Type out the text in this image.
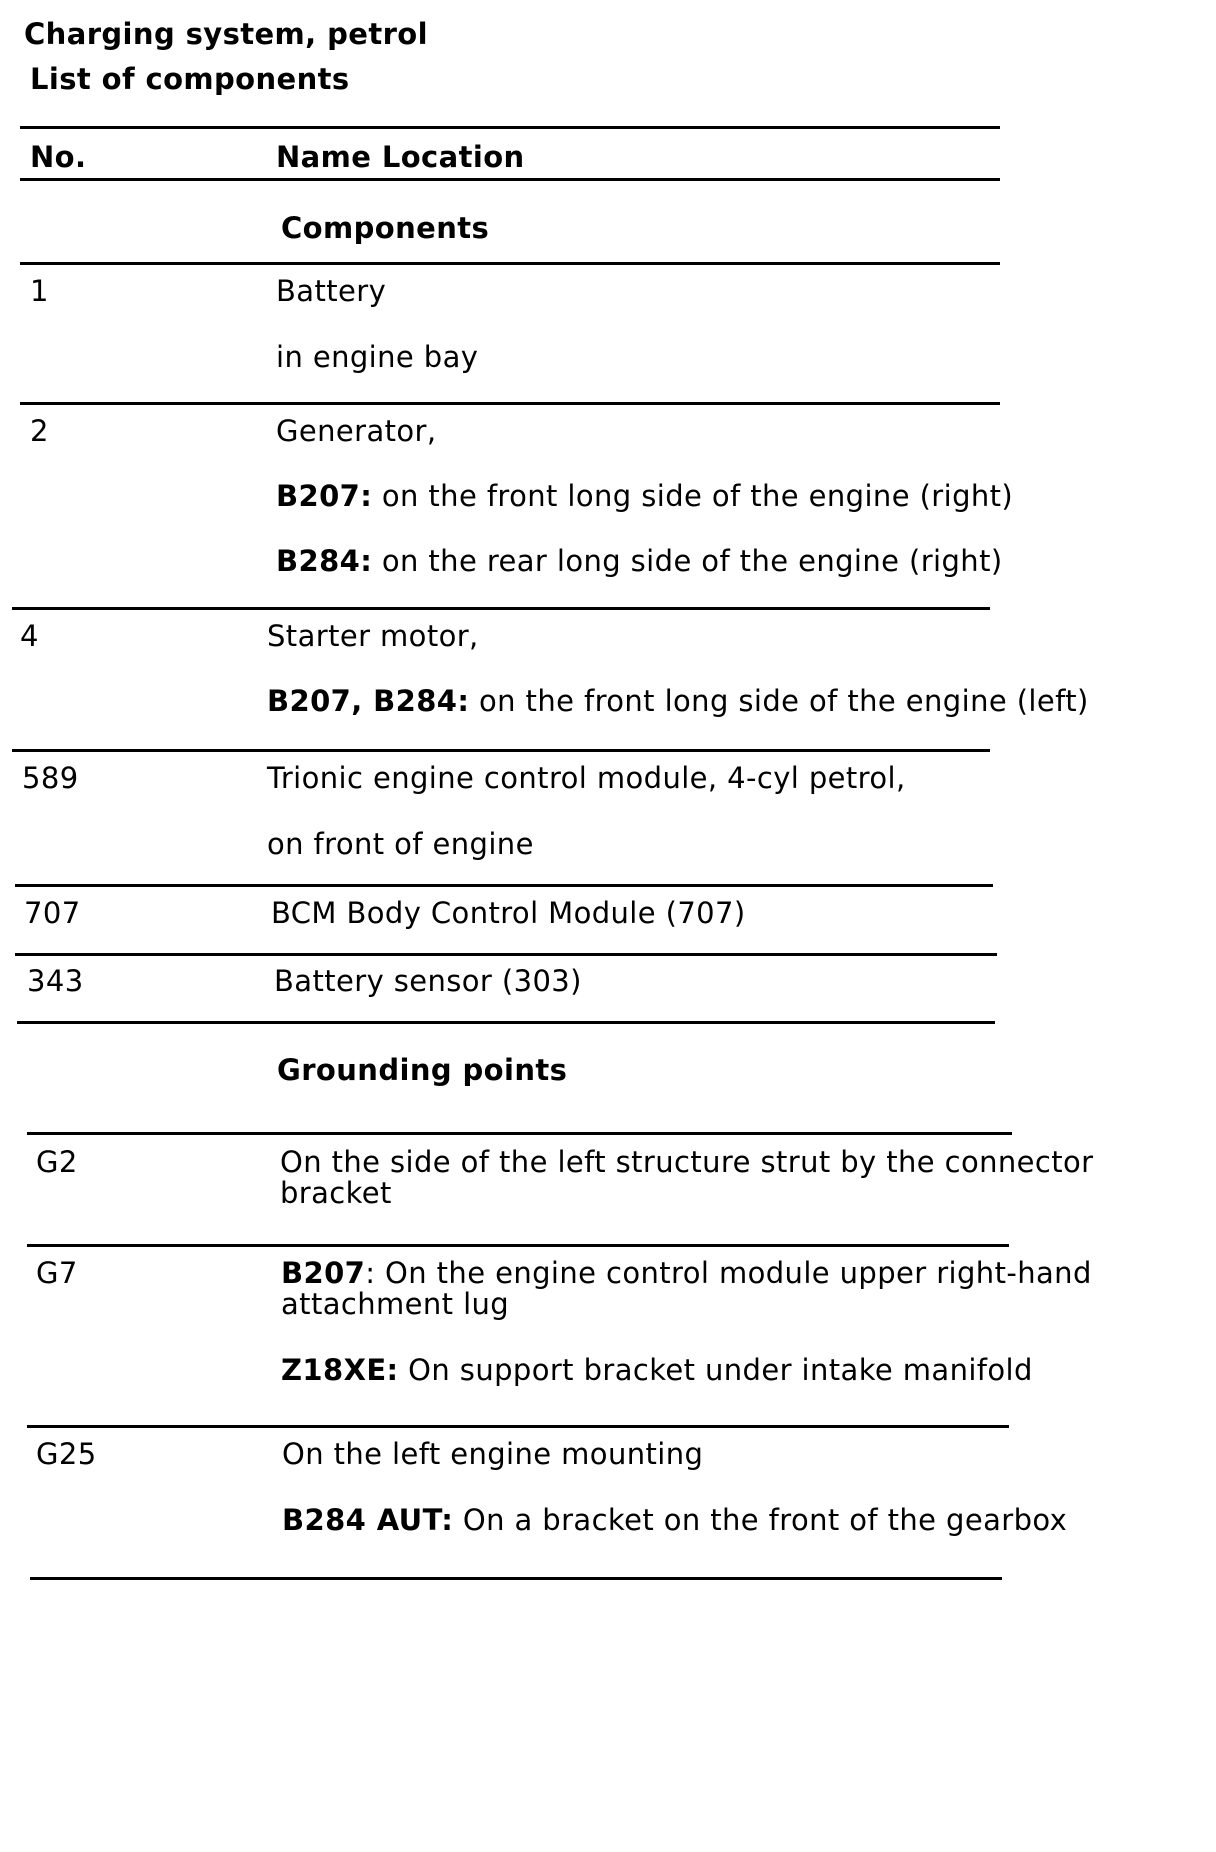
Charging system, petrol
List of components
No.	Name Location
Components
1	Battery
in engine bay
2	Generator,
B207: on the front long side of the engine (right)
B284: on the rear long side of the engine (right)
4	Starter motor,
B207, B284: on the front long side of the engine (left)
589	Trionic engine control module, 4-cyl petrol,
on front of engine
707	BCM Body Control Module (707)
343	Battery sensor (303)
Grounding points
G2	On the side of the left structure strut by the connector
bracket
G7	B207: On the engine control module upper right-hand
attachment lug
Z18XE: On support bracket under intake manifold
G25	On the left engine mounting
B284 AUT: On a bracket on the front of the gearbox
